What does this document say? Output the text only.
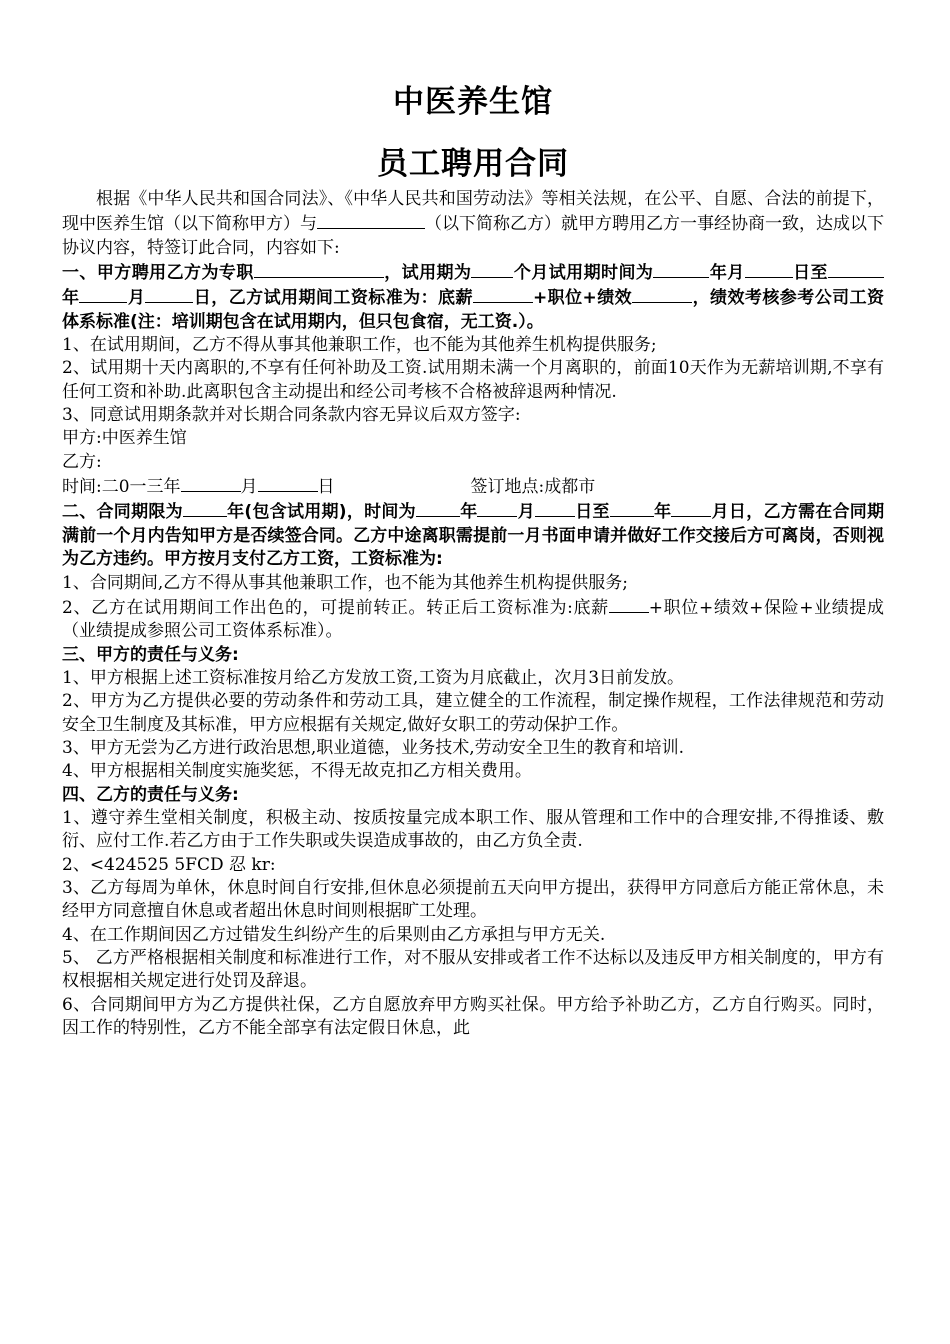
中医养生馆
员工聘用合同

根据《中华人民共和国合同法》、《中华人民共和国劳动法》等相关法规，在公平、自愿、合法的前提下，现中医养生馆（以下简称甲方）与	（以下简称乙方）就甲方聘用乙方一事经协商一致，达成以下协议内容，特签订此合同，内容如下:

一、甲方聘用乙方为专职	，试用期为 个月试用期时间为	年月	日至年	月	日，乙方试用期间工资标准为：底薪	+职位+绩效	，绩效考核参考公司工资体系标准(注：培训期包含在试用期内，但只包食宿，无工资.）。

1、在试用期间，乙方不得从事其他兼职工作，也不能为其他养生机构提供服务;

2、试用期十天内离职的,不享有任何补助及工资.试用期未满一个月离职的，前面10天作为无薪培训期,不享有任何工资和补助.此离职包含主动提出和经公司考核不合格被辞退两种情况.

3、同意试用期条款并对长期合同条款内容无异议后双方签字:

甲方:中医养生馆

乙方:

时间:二0一三年	月	日	签订地点:成都市

二、合同期限为	年(包含试用期)，时间为	年 月 日至	年 月日，乙方需在合同期满前一个月内告知甲方是否续签合同。乙方中途离职需提前一月书面申请并做好工作交接后方可离岗，否则视为乙方违约。甲方按月支付乙方工资，工资标准为:

1、合同期间,乙方不得从事其他兼职工作，也不能为其他养生机构提供服务;

2、乙方在试用期间工作出色的，可提前转正。转正后工资标准为:底薪 +职位+绩效+保险+业绩提成（业绩提成参照公司工资体系标准）。

三、甲方的责任与义务:

1、甲方根据上述工资标准按月给乙方发放工资,工资为月底截止，次月3日前发放。

2、甲方为乙方提供必要的劳动条件和劳动工具，建立健全的工作流程，制定操作规程，工作法律规范和劳动安全卫生制度及其标准，甲方应根据有关规定,做好女职工的劳动保护工作。

3、甲方无尝为乙方进行政治思想,职业道德，业务技术,劳动安全卫生的教育和培训.

4、甲方根据相关制度实施奖惩，不得无故克扣乙方相关费用。

四、乙方的责任与义务:

1、遵守养生堂相关制度，积极主动、按质按量完成本职工作、服从管理和工作中的合理安排,不得推诿、敷衍、应付工作.若乙方由于工作失职或失误造成事故的，由乙方负全责.

2、<424525 5FCD 忍 kr:

3、乙方每周为单休，休息时间自行安排,但休息必须提前五天向甲方提出，获得甲方同意后方能正常休息，未经甲方同意擅自休息或者超出休息时间则根据旷工处理。

4、在工作期间因乙方过错发生纠纷产生的后果则由乙方承担与甲方无关.

5、 乙方严格根据相关制度和标准进行工作，对不服从安排或者工作不达标以及违反甲方相关制度的，甲方有权根据相关规定进行处罚及辞退。

6、合同期间甲方为乙方提供社保，乙方自愿放弃甲方购买社保。甲方给予补助乙方，乙方自行购买。同时，因工作的特别性，乙方不能全部享有法定假日休息，此
